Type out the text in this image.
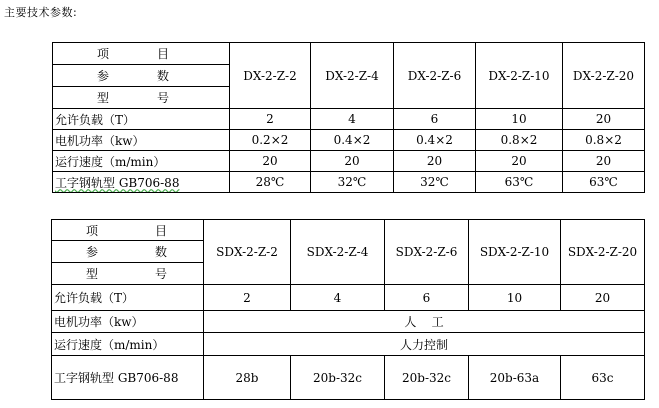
主要技术参数:
项 目	DX-2-Z-2	DX-2-Z-4	DX-2-Z-6	DX-2-Z-10	DX-2-Z-20

参 数					

型 号					

允许负载（T）	2	4	6	10	20
电机功率（kw）	0.2×2	0.4×2	0.4×2	0.8×2	0.8×2
运行速度（m/min）	20	20	20	20	20
工字钢轨型 GB706-88	28℃	32℃	32℃	63℃	63℃
项 目	SDX-2-Z-2	SDX-2-Z-4	SDX-2-Z-6	SDX-2-Z-10	SDX-2-Z-20

参 数					

型 号					

允许负载（T）	2	4	6	10	20
电机功率（kw）	人    工				
运行速度（m/min）	人力控制				
工字钢轨型 GB706-88	28b	20b-32c	20b-32c	20b-63a	63c
